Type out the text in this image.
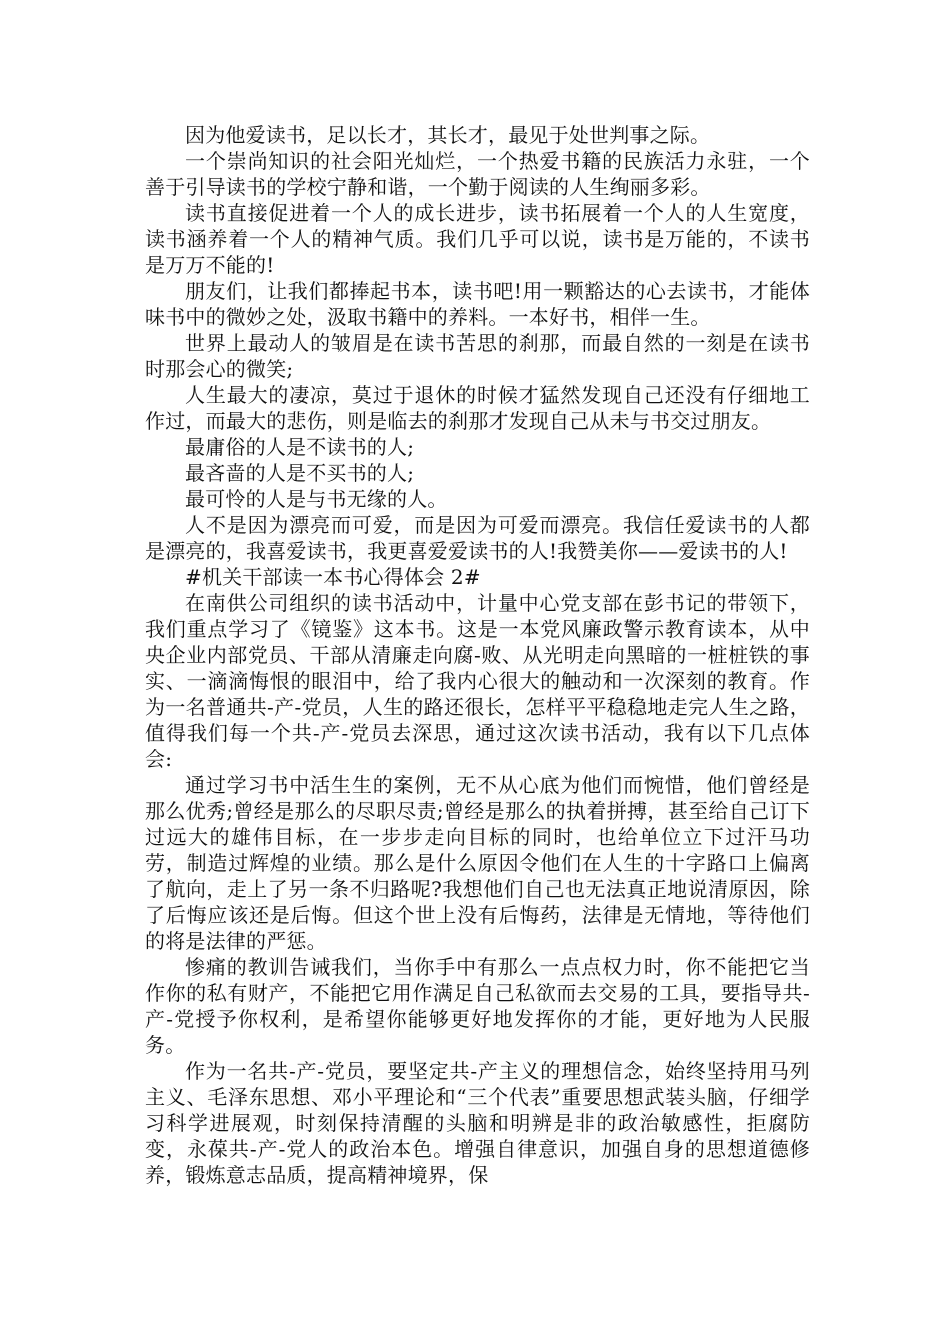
因为他爱读书，足以长才，其长才，最见于处世判事之际。

一个崇尚知识的社会阳光灿烂，一个热爱书籍的民族活力永驻，一个善于引导读书的学校宁静和谐，一个勤于阅读的人生绚丽多彩。

读书直接促进着一个人的成长进步，读书拓展着一个人的人生宽度，读书涵养着一个人的精神气质。我们几乎可以说，读书是万能的，不读书是万万不能的!

朋友们，让我们都捧起书本，读书吧!用一颗豁达的心去读书，才能体味书中的微妙之处，汲取书籍中的养料。一本好书，相伴一生。

世界上最动人的皱眉是在读书苦思的刹那，而最自然的一刻是在读书时那会心的微笑;

人生最大的凄凉，莫过于退休的时候才猛然发现自己还没有仔细地工作过，而最大的悲伤，则是临去的刹那才发现自己从未与书交过朋友。

最庸俗的人是不读书的人;

最吝啬的人是不买书的人;

最可怜的人是与书无缘的人。

人不是因为漂亮而可爱，而是因为可爱而漂亮。我信任爱读书的人都是漂亮的，我喜爱读书，我更喜爱爱读书的人!我赞美你——爱读书的人!

#机关干部读一本书心得体会 2#

在南供公司组织的读书活动中，计量中心党支部在彭书记的带领下，我们重点学习了《镜鉴》这本书。这是一本党风廉政警示教育读本，从中央企业内部党员、干部从清廉走向腐-败、从光明走向黑暗的一桩桩铁的事实、一滴滴悔恨的眼泪中，给了我内心很大的触动和一次深刻的教育。作为一名普通共-产-党员，人生的路还很长，怎样平平稳稳地走完人生之路，值得我们每一个共-产-党员去深思，通过这次读书活动，我有以下几点体会:

通过学习书中活生生的案例，无不从心底为他们而惋惜，他们曾经是那么优秀;曾经是那么的尽职尽责;曾经是那么的执着拼搏，甚至给自己订下过远大的雄伟目标，在一步步走向目标的同时，也给单位立下过汗马功劳，制造过辉煌的业绩。那么是什么原因令他们在人生的十字路口上偏离了航向，走上了另一条不归路呢?我想他们自己也无法真正地说清原因，除了后悔应该还是后悔。但这个世上没有后悔药，法律是无情地，等待他们的将是法律的严惩。

惨痛的教训告诫我们，当你手中有那么一点点权力时，你不能把它当作你的私有财产，不能把它用作满足自己私欲而去交易的工具，要指导共-产-党授予你权利，是希望你能够更好地发挥你的才能，更好地为人民服务。

作为一名共-产-党员，要坚定共-产主义的理想信念，始终坚持用马列主义、毛泽东思想、邓小平理论和“三个代表”重要思想武装头脑，仔细学习科学进展观，时刻保持清醒的头脑和明辨是非的政治敏感性，拒腐防变，永葆共-产-党人的政治本色。增强自律意识，加强自身的思想道德修养，锻炼意志品质，提高精神境界，保
